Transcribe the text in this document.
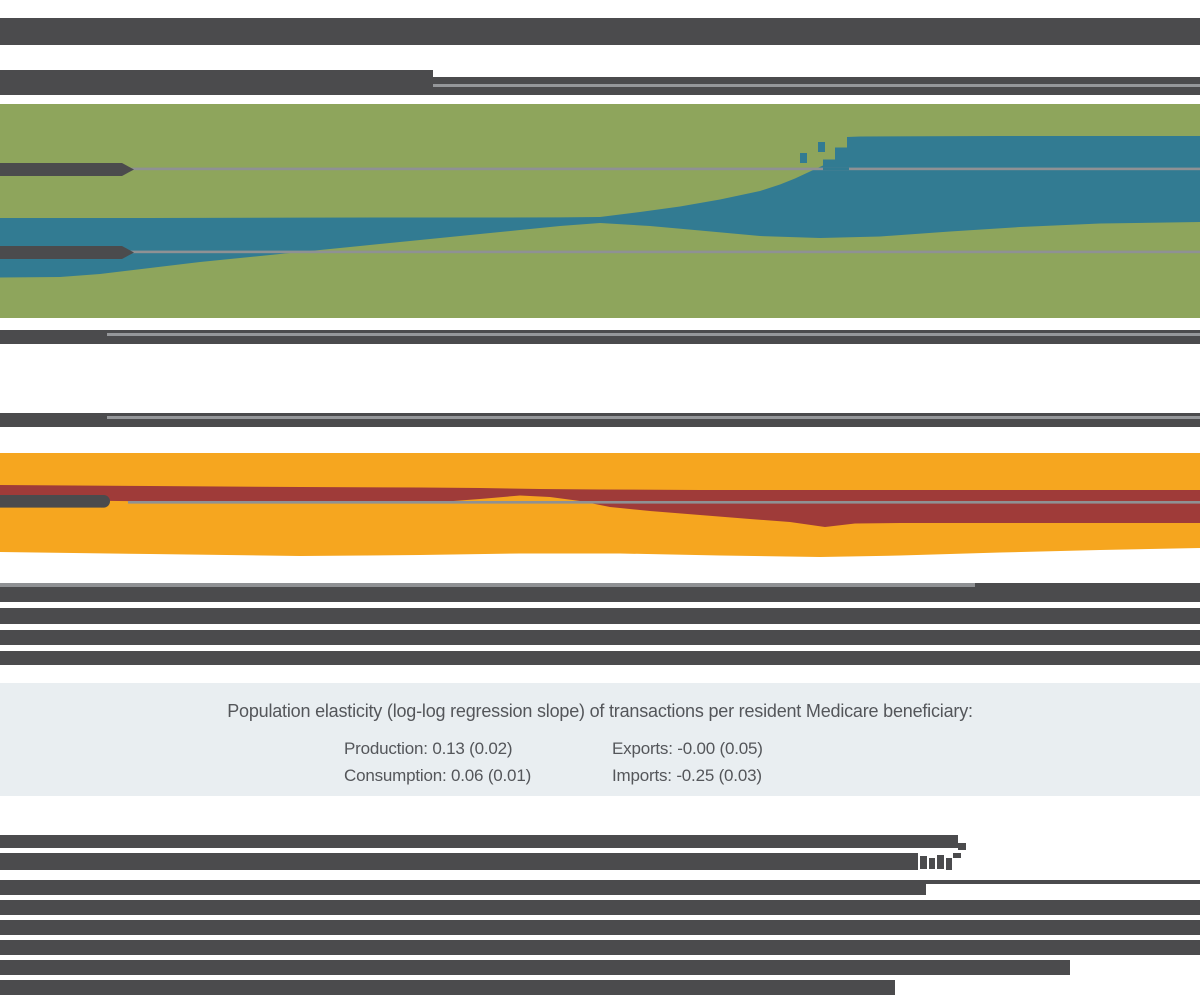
Population elasticity (log-log regression slope) of transactions per resident Medicare beneficiary:
Production: 0.13 (0.02)
Consumption: 0.06 (0.01)
Exports: -0.00 (0.05)
Imports: -0.25 (0.03)
